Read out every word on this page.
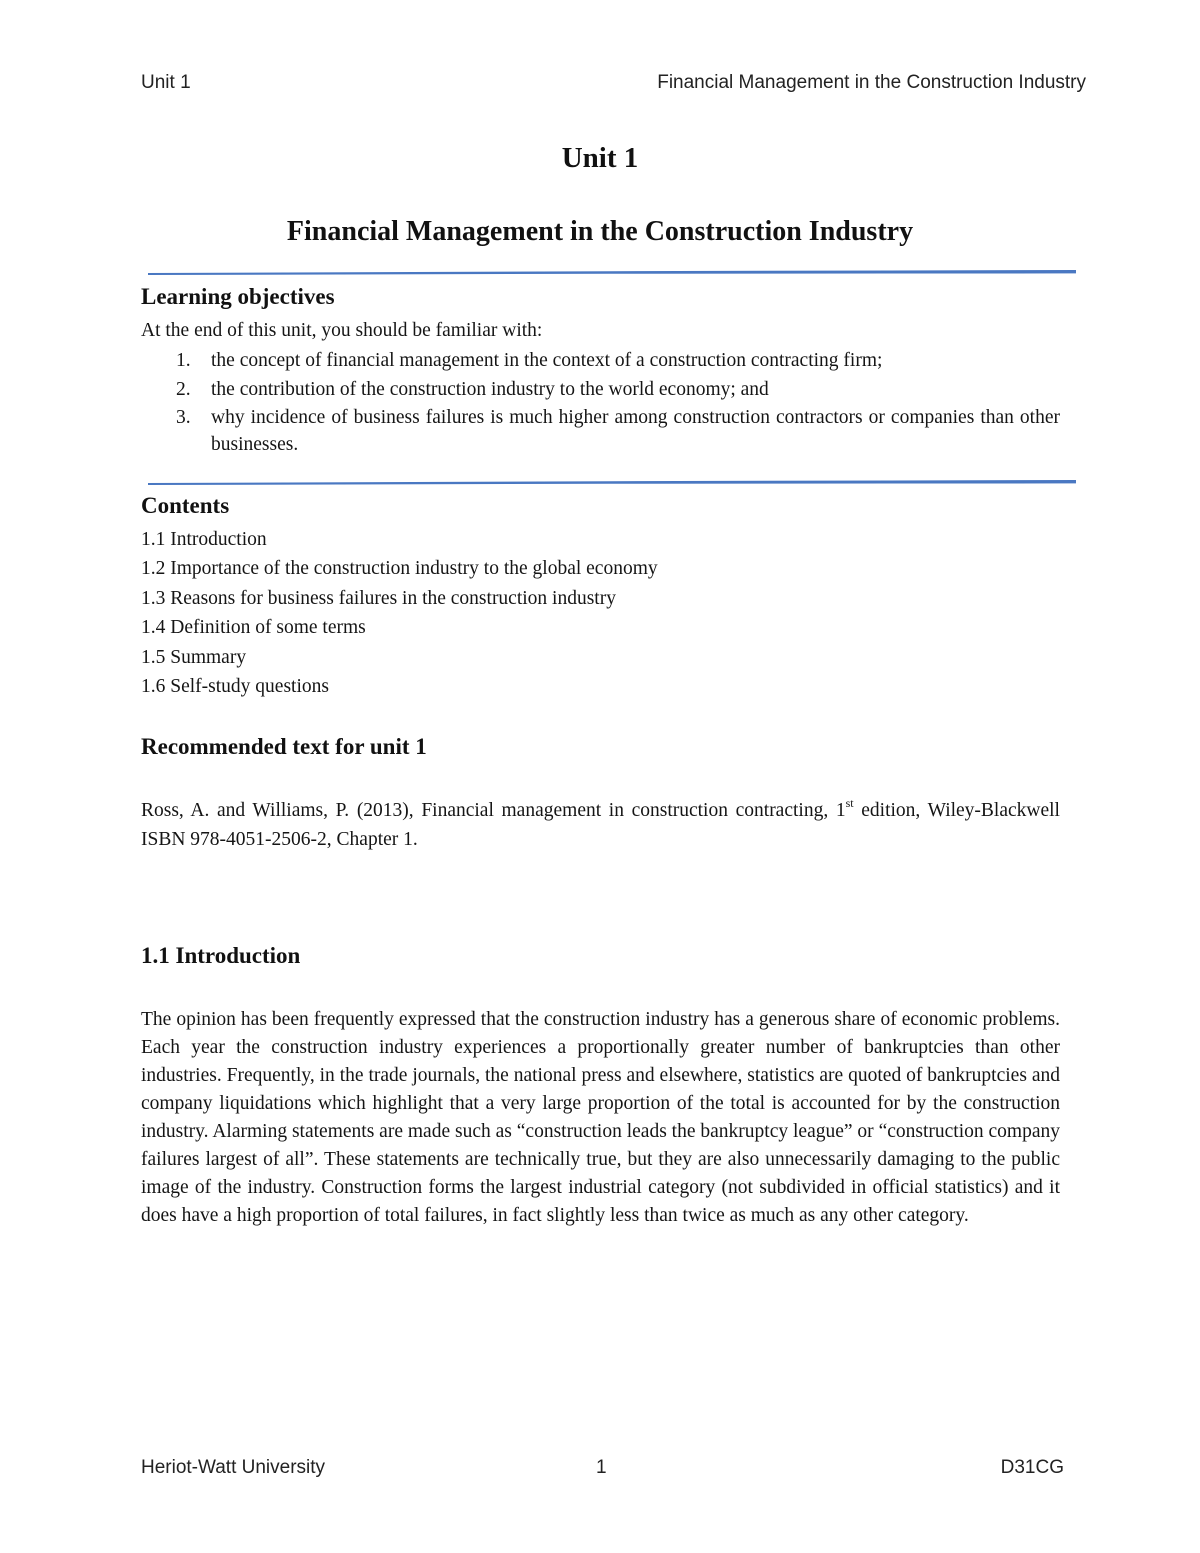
Unit 1	Financial Management in the Construction Industry
Unit 1
Financial Management in the Construction Industry
Learning objectives
At the end of this unit, you should be familiar with:
1. the concept of financial management in the context of a construction contracting firm;
2. the contribution of the construction industry to the world economy; and
3. why incidence of business failures is much higher among construction contractors or companies than other businesses.
Contents
1.1 Introduction
1.2 Importance of the construction industry to the global economy
1.3 Reasons for business failures in the construction industry
1.4 Definition of some terms
1.5 Summary
1.6 Self-study questions
Recommended text for unit 1

Ross, A. and Williams, P. (2013), Financial management in construction contracting, 1st edition, Wiley-Blackwell ISBN 978-4051-2506-2, Chapter 1.

1.1 Introduction

The opinion has been frequently expressed that the construction industry has a generous share of economic problems. Each year the construction industry experiences a proportionally greater number of bankruptcies than other industries. Frequently, in the trade journals, the national press and elsewhere, statistics are quoted of bankruptcies and company liquidations which highlight that a very large proportion of the total is accounted for by the construction industry. Alarming statements are made such as “construction leads the bankruptcy league” or “construction company failures largest of all”. These statements are technically true, but they are also unnecessarily damaging to the public image of the industry. Construction forms the largest industrial category (not subdivided in official statistics) and it does have a high proportion of total failures, in fact slightly less than twice as much as any other category.

Heriot-Watt University	1	D31CG
